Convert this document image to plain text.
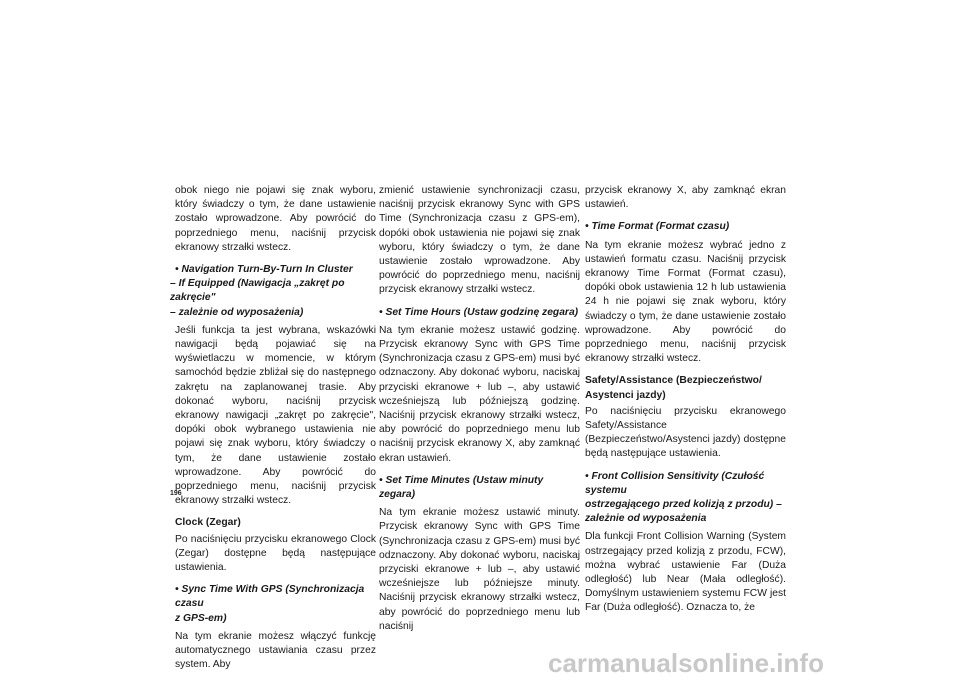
obok niego nie pojawi się znak wyboru, który świadczy o tym, że dane ustawienie zostało wprowadzone. Aby powrócić do poprzedniego menu, naciśnij przycisk ekranowy strzałki wstecz.

• Navigation Turn-By-Turn In Cluster
– If Equipped (Nawigacja „zakręt po zakręcie"
– zależnie od wyposażenia)

Jeśli funkcja ta jest wybrana, wskazówki nawigacji będą pojawiać się na wyświetlaczu w momencie, w którym samochód będzie zbliżał się do następnego zakrętu na zaplanowanej trasie. Aby dokonać wyboru, naciśnij przycisk ekranowy nawigacji „zakręt po zakręcie", dopóki obok wybranego ustawienia nie pojawi się znak wyboru, który świadczy o tym, że dane ustawienie zostało wprowadzone. Aby powrócić do poprzedniego menu, naciśnij przycisk ekranowy strzałki wstecz.

Clock (Zegar)

Po naciśnięciu przycisku ekranowego Clock (Zegar) dostępne będą następujące ustawienia.

• Sync Time With GPS (Synchronizacja czasu
z GPS-em)

Na tym ekranie możesz włączyć funkcję automatycznego ustawiania czasu przez system. Aby

zmienić ustawienie synchronizacji czasu, naciśnij przycisk ekranowy Sync with GPS Time (Synchronizacja czasu z GPS-em), dopóki obok ustawienia nie pojawi się znak wyboru, który świadczy o tym, że dane ustawienie zostało wprowadzone. Aby powrócić do poprzedniego menu, naciśnij przycisk ekranowy strzałki wstecz.

• Set Time Hours (Ustaw godzinę zegara)

Na tym ekranie możesz ustawić godzinę. Przycisk ekranowy Sync with GPS Time (Synchronizacja czasu z GPS-em) musi być odznaczony. Aby dokonać wyboru, naciskaj przyciski ekranowe + lub –, aby ustawić wcześniejszą lub późniejszą godzinę. Naciśnij przycisk ekranowy strzałki wstecz, aby powrócić do poprzedniego menu lub naciśnij przycisk ekranowy X, aby zamknąć ekran ustawień.

• Set Time Minutes (Ustaw minuty zegara)

Na tym ekranie możesz ustawić minuty. Przycisk ekranowy Sync with GPS Time (Synchronizacja czasu z GPS-em) musi być odznaczony. Aby dokonać wyboru, naciskaj przyciski ekranowe + lub –, aby ustawić wcześniejsze lub późniejsze minuty. Naciśnij przycisk ekranowy strzałki wstecz, aby powrócić do poprzedniego menu lub naciśnij

przycisk ekranowy X, aby zamknąć ekran ustawień.

• Time Format (Format czasu)

Na tym ekranie możesz wybrać jedno z ustawień formatu czasu. Naciśnij przycisk ekranowy Time Format (Format czasu), dopóki obok ustawienia 12 h lub ustawienia 24 h nie pojawi się znak wyboru, który świadczy o tym, że dane ustawienie zostało wprowadzone. Aby powrócić do poprzedniego menu, naciśnij przycisk ekranowy strzałki wstecz.

Safety/Assistance (Bezpieczeństwo/
Asystenci jazdy)

Po naciśnięciu przycisku ekranowego Safety/Assistance (Bezpieczeństwo/Asystenci jazdy) dostępne będą następujące ustawienia.

• Front Collision Sensitivity (Czułość systemu
ostrzegającego przed kolizją z przodu) –
zależnie od wyposażenia

Dla funkcji Front Collision Warning (System ostrzegający przed kolizją z przodu, FCW), można wybrać ustawienie Far (Duża odległość) lub Near (Mała odległość). Domyślnym ustawieniem systemu FCW jest Far (Duża odległość). Oznacza to, że

196
carmanualsonline.info
